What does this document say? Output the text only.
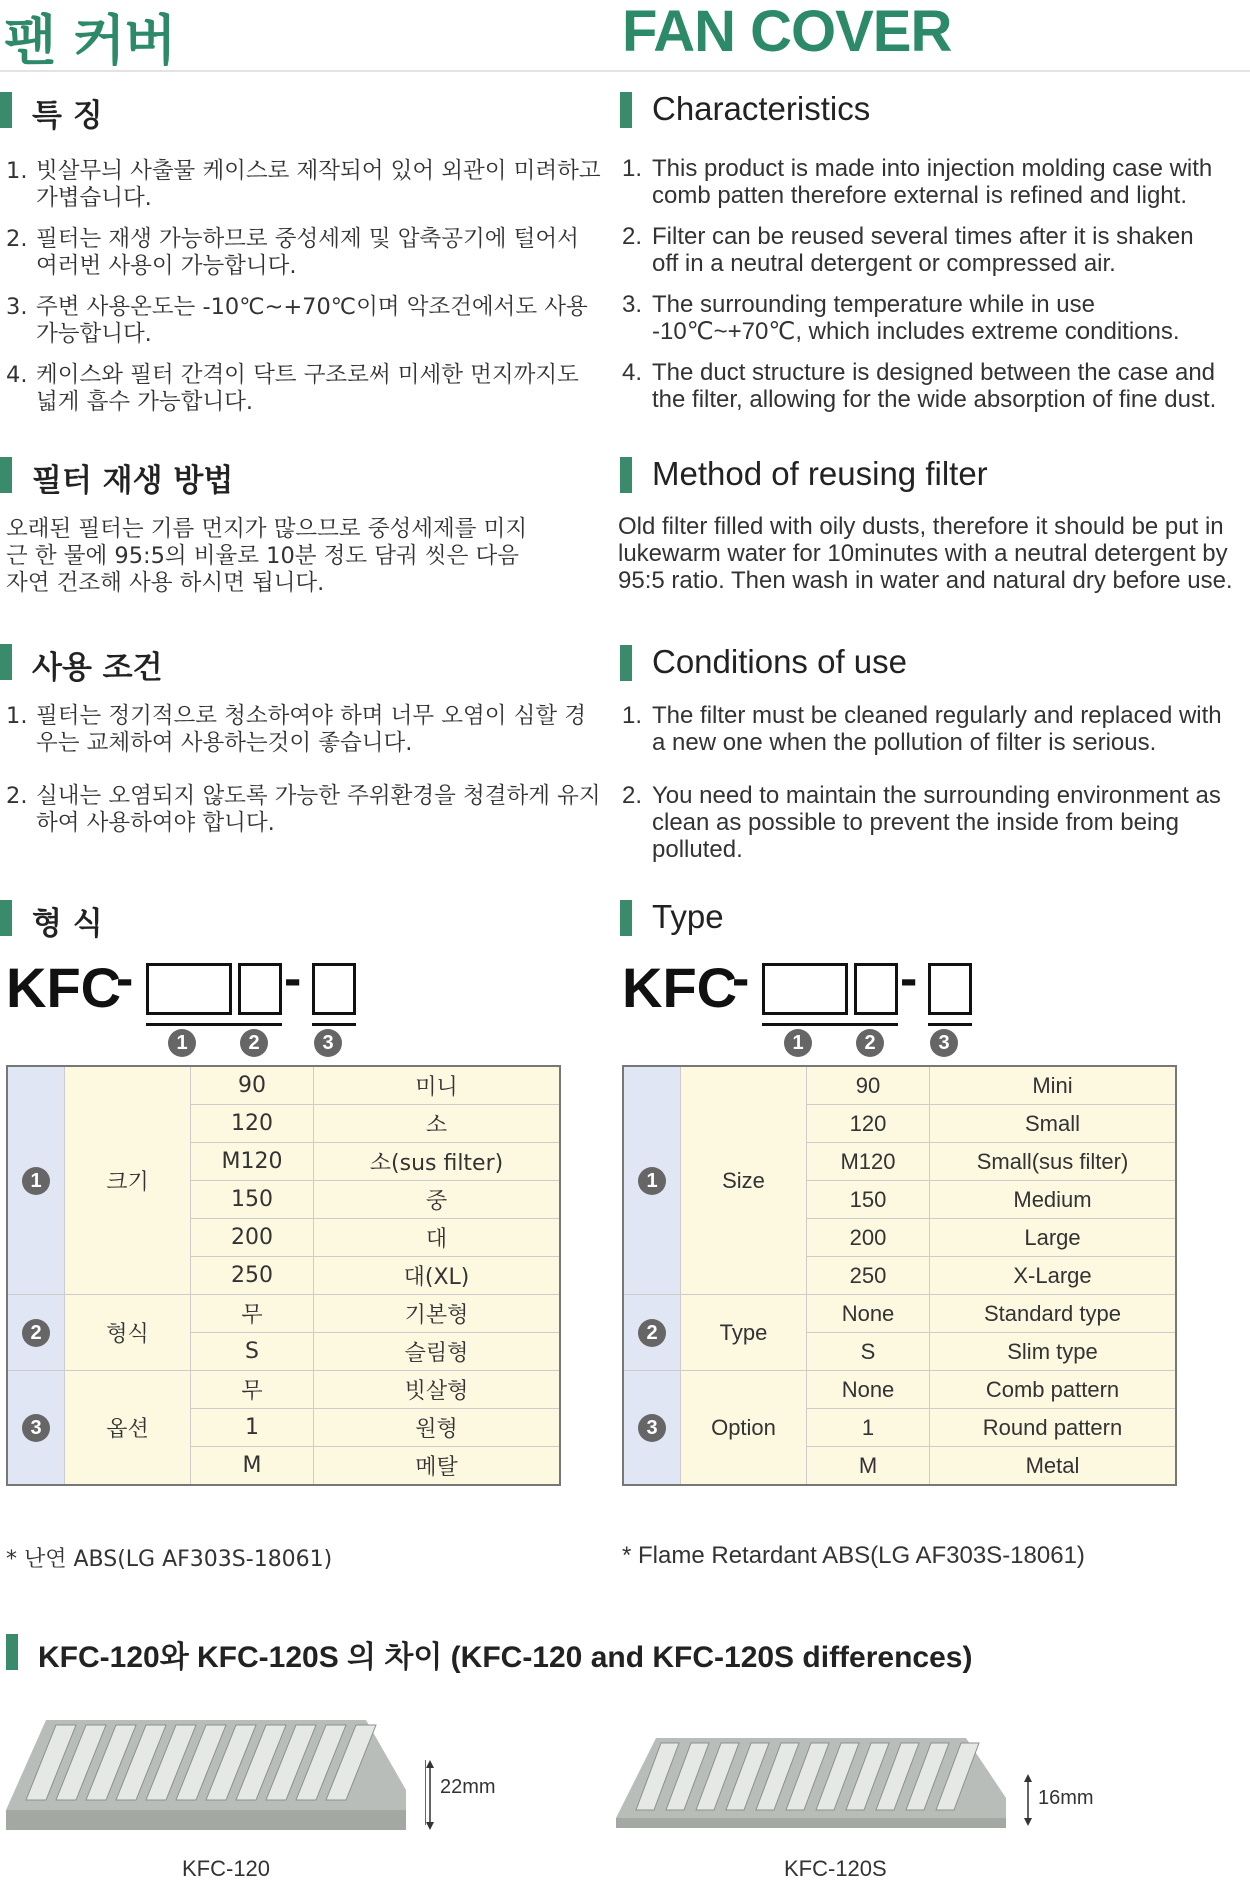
팬 커버
특 징
1. 빗살무늬 사출물 케이스로 제작되어 있어 외관이 미려하고 가볍습니다.
2. 필터는 재생 가능하므로 중성세제 및 압축공기에 털어서 여러번 사용이 가능합니다.
3. 주변 사용온도는 -10℃~+70℃이며 악조건에서도 사용 가능합니다.
4. 케이스와 필터 간격이 닥트 구조로써 미세한 먼지까지도 넓게 흡수 가능합니다.
필터 재생 방법
오래된 필터는 기름 먼지가 많으므로 중성세제를 미지근 한 물에 95:5의 비율로 10분 정도 담궈 씻은 다음 자연 건조해 사용 하시면 됩니다.
사용 조건
1. 필터는 정기적으로 청소하여야 하며 너무 오염이 심할 경우는 교체하여 사용하는것이 좋습니다.
2. 실내는 오염되지 않도록 가능한 주위환경을 청결하게 유지 하여 사용하여야 합니다.
형 식
KFC
-	-
1	2	3
1	크기	90	미니
		120	소
		M120	소(sus filter)
		150	중
		200	대
		250	대(XL)
2	형식	무	기본형
		S	슬림형
3	옵션	무	빗살형
		1	원형
		M	메탈
* 난연 ABS(LG AF303S-18061)
FAN COVER
Characteristics
1. This product is made into injection molding case with comb patten therefore external is refined and light.
2. Filter can be reused several times after it is shaken off in a neutral detergent or compressed air.
3. The surrounding temperature while in use -10℃~+70℃, which includes extreme conditions.
4. The duct structure is designed between the case and the filter, allowing for the wide absorption of fine dust.
Method of reusing filter
Old filter filled with oily dusts, therefore it should be put in lukewarm water for 10minutes with a neutral detergent by 95:5 ratio. Then wash in water and natural dry before use.
Conditions of use
1. The filter must be cleaned regularly and replaced with a new one when the pollution of filter is serious.
2. You need to maintain the surrounding environment as clean as possible to prevent the inside from being polluted.
Type
KFC
-	-
1	2	3
1	Size	90	Mini
		120	Small
		M120	Small(sus filter)
		150	Medium
		200	Large
		250	X-Large
2	Type	None	Standard type
		S	Slim type
3	Option	None	Comb pattern
		1	Round pattern
		M	Metal
* Flame Retardant ABS(LG AF303S-18061)
KFC-120와 KFC-120S 의 차이 (KFC-120 and KFC-120S differences)
22mm
KFC-120
16mm
KFC-120S
